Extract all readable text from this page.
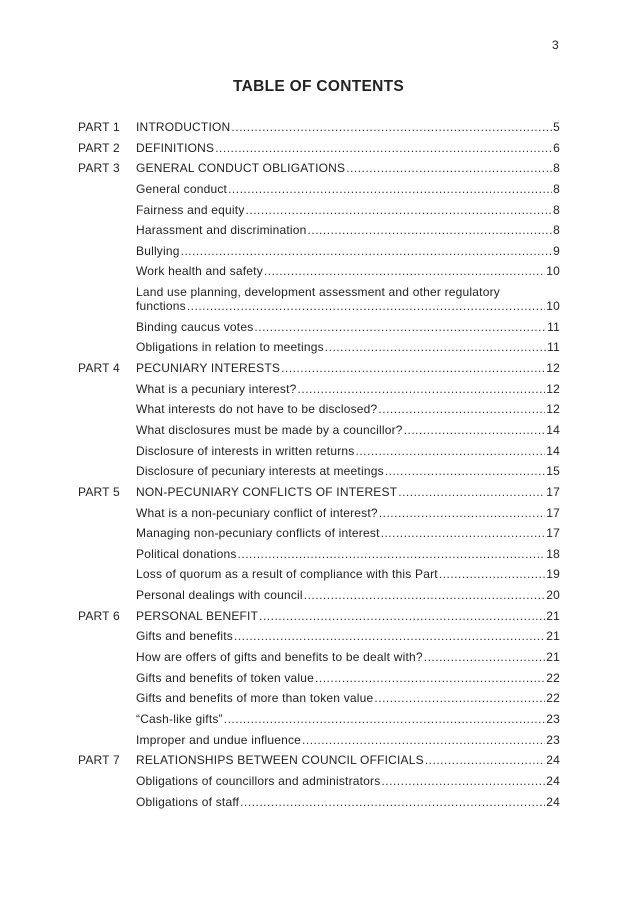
3
TABLE OF CONTENTS
PART 1	INTRODUCTION .....	5
PART 2	DEFINITIONS .....	6
PART 3	GENERAL CONDUCT OBLIGATIONS .....	8
General conduct .....	8
Fairness and equity .....	8
Harassment and discrimination .....	8
Bullying .....	9
Work health and safety .....	10
Land use planning, development assessment and other regulatory
functions .....	10
Binding caucus votes .....	11
Obligations in relation to meetings .....	11
PART 4	PECUNIARY INTERESTS .....	12
What is a pecuniary interest? .....	12
What interests do not have to be disclosed? .....	12
What disclosures must be made by a councillor? .....	14
Disclosure of interests in written returns .....	14
Disclosure of pecuniary interests at meetings .....	15
PART 5	NON-PECUNIARY CONFLICTS OF INTEREST .....	17
What is a non-pecuniary conflict of interest? .....	17
Managing non-pecuniary conflicts of interest .....	17
Political donations .....	18
Loss of quorum as a result of compliance with this Part .....	19
Personal dealings with council .....	20
PART 6	PERSONAL BENEFIT .....	21
Gifts and benefits .....	21
How are offers of gifts and benefits to be dealt with? .....	21
Gifts and benefits of token value .....	22
Gifts and benefits of more than token value .....	22
“Cash-like gifts” .....	23
Improper and undue influence .....	23
PART 7	RELATIONSHIPS BETWEEN COUNCIL OFFICIALS .....	24
Obligations of councillors and administrators .....	24
Obligations of staff .....	24
